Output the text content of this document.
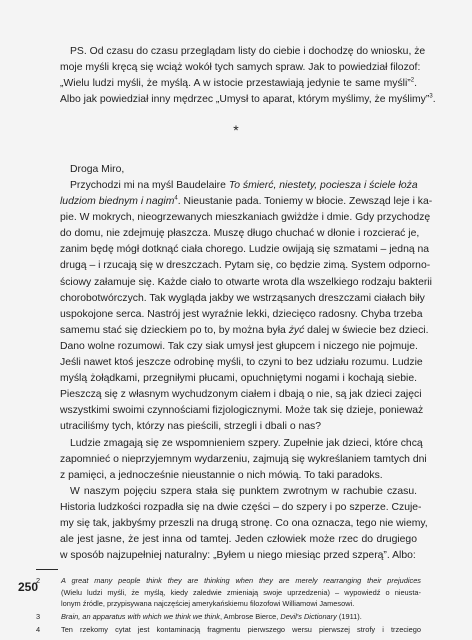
PS. Od czasu do czasu przeglądam listy do ciebie i dochodzę do wniosku, że
moje myśli kręcą się wciąż wokół tych samych spraw. Jak to powiedział filozof:
„Wielu ludzi myśli, że myślą. A w istocie przestawiają jedynie te same myśli”$^2$.
Albo jak powiedział inny mędrzec „Umysł to aparat, którym myślimy, że myślimy”$^3$.

*

Droga Miro,

Przychodzi mi na myśl Baudelaire To śmierć, niestety, pociesza i ściele łoża
ludziom biednym i nagim$^4$. Nieustanie pada. Toniemy w błocie. Zewsząd leje i ka-
pie. W mokrych, nieogrzewanych mieszkaniach gwiżdże i dmie. Gdy przychodzę
do domu, nie zdejmuję płaszcza. Muszę długo chuchać w dłonie i rozcierać je,
zanim będę mógł dotknąć ciała chorego. Ludzie owijają się szmatami – jedną na
drugą – i rzucają się w dreszczach. Pytam się, co będzie zimą. System odporno-
ściowy załamuje się. Każde ciało to otwarte wrota dla wszelkiego rodzaju bakterii
chorobotwórczych. Tak wygląda jakby we wstrząsanych dreszczami ciałach biły
uspokojone serca. Nastrój jest wyraźnie lekki, dziecięco radosny. Chyba trzeba
samemu stać się dzieckiem po to, by można była żyć dalej w świecie bez dzieci.
Dano wolne rozumowi. Tak czy siak umysł jest głupcem i niczego nie pojmuje.
Jeśli nawet ktoś jeszcze odrobinę myśli, to czyni to bez udziału rozumu. Ludzie
myślą żołądkami, przegniłymi płucami, opuchniętymi nogami i kochają siebie.
Pieszczą się z własnym wychudzonym ciałem i dbają o nie, są jak dzieci zajęci
wszystkimi swoimi czynnościami fizjologicznymi. Może tak się dzieje, ponieważ
utraciliśmy tych, którzy nas pieścili, strzegli i dbali o nas?

Ludzie zmagają się ze wspomnieniem szpery. Zupełnie jak dzieci, które chcą
zapomnieć o nieprzyjemnym wydarzeniu, zajmują się wykreślaniem tamtych dni
z pamięci, a jednocześnie nieustannie o nich mówią. To taki paradoks.

W naszym pojęciu szpera stała się punktem zwrotnym w rachubie czasu.
Historia ludzkości rozpadła się na dwie części – do szpery i po szperze. Czuje-
my się tak, jakbyśmy przeszli na drugą stronę. Co ona oznacza, tego nie wiemy,
ale jest jasne, że jest inna od tamtej. Jeden człowiek może rzec do drugiego
w sposób najzupełniej naturalny: „Byłem u niego miesiąc przed szperą”. Albo:

2	A great many people think they are thinking when they are merely rearranging their prejudices
(Wielu ludzi myśli, że myślą, kiedy zaledwie zmieniają swoje uprzedzenia) – wypowiedź o nieusta-
lonym źródle, przypisywana najczęściej amerykańskiemu filozofowi Williamowi Jamesowi.

3	Brain, an apparatus with which we think we think, Ambrose Bierce, Devil's Dictionary (1911).

4	Ten rzekomy cytat jest kontaminacją fragmentu pierwszego wersu pierwszej strofy i trzeciego

250
